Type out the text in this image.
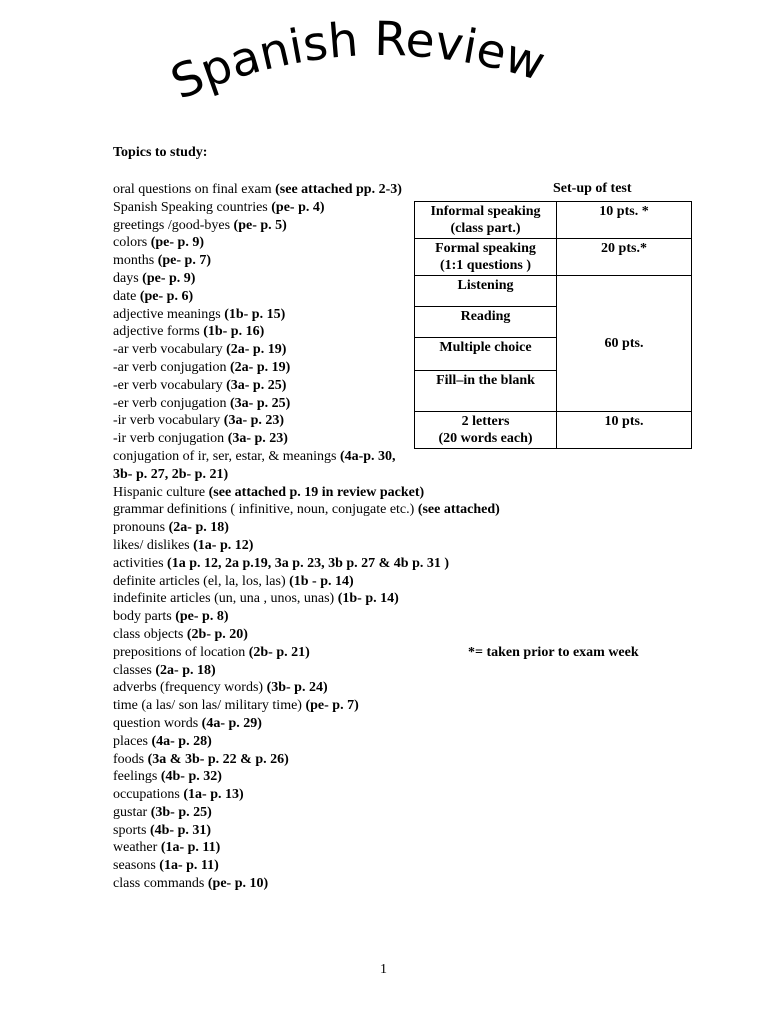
Spanish Review
Topics to study:
oral questions on final exam (see attached pp. 2-3)
Spanish Speaking countries (pe- p. 4)
greetings /good-byes (pe- p. 5)
colors (pe- p. 9)
months (pe- p. 7)
days (pe- p. 9)
date (pe- p. 6)
adjective meanings (1b- p. 15)
adjective forms (1b- p. 16)
-ar verb vocabulary (2a- p. 19)
-ar verb conjugation (2a- p. 19)
-er verb vocabulary (3a- p. 25)
-er verb conjugation (3a- p. 25)
-ir verb vocabulary (3a- p. 23)
-ir verb conjugation (3a- p. 23)
conjugation of ir, ser, estar, & meanings (4a-p. 30, 3b- p. 27, 2b- p. 21)
Hispanic culture (see attached p. 19 in review packet)
grammar definitions ( infinitive, noun, conjugate etc.) (see attached)
pronouns (2a- p. 18)
likes/ dislikes (1a- p. 12)
activities (1a p. 12, 2a p.19, 3a p. 23, 3b p. 27 & 4b p. 31 )
definite articles (el, la, los, las) (1b - p. 14)
indefinite articles (un, una , unos, unas) (1b- p. 14)
body parts (pe- p. 8)
class objects (2b- p. 20)
prepositions of location (2b- p. 21)
classes (2a- p. 18)
adverbs (frequency words) (3b- p. 24)
time (a las/ son las/ military time) (pe- p. 7)
question words (4a- p. 29)
places (4a- p. 28)
foods (3a & 3b- p. 22 & p. 26)
feelings (4b- p. 32)
occupations (1a- p. 13)
gustar (3b- p. 25)
sports (4b- p. 31)
weather (1a- p. 11)
seasons (1a- p. 11)
class commands (pe- p. 10)
Set-up of test
Informal speaking
(class part.)	10 pts. *

Formal speaking
(1:1 questions )	20 pts.*
Listening	60 pts.
Reading	
Multiple choice	
Fill–in the blank	

2 letters
(20 words each)	10 pts.
*= taken prior to exam week
1
